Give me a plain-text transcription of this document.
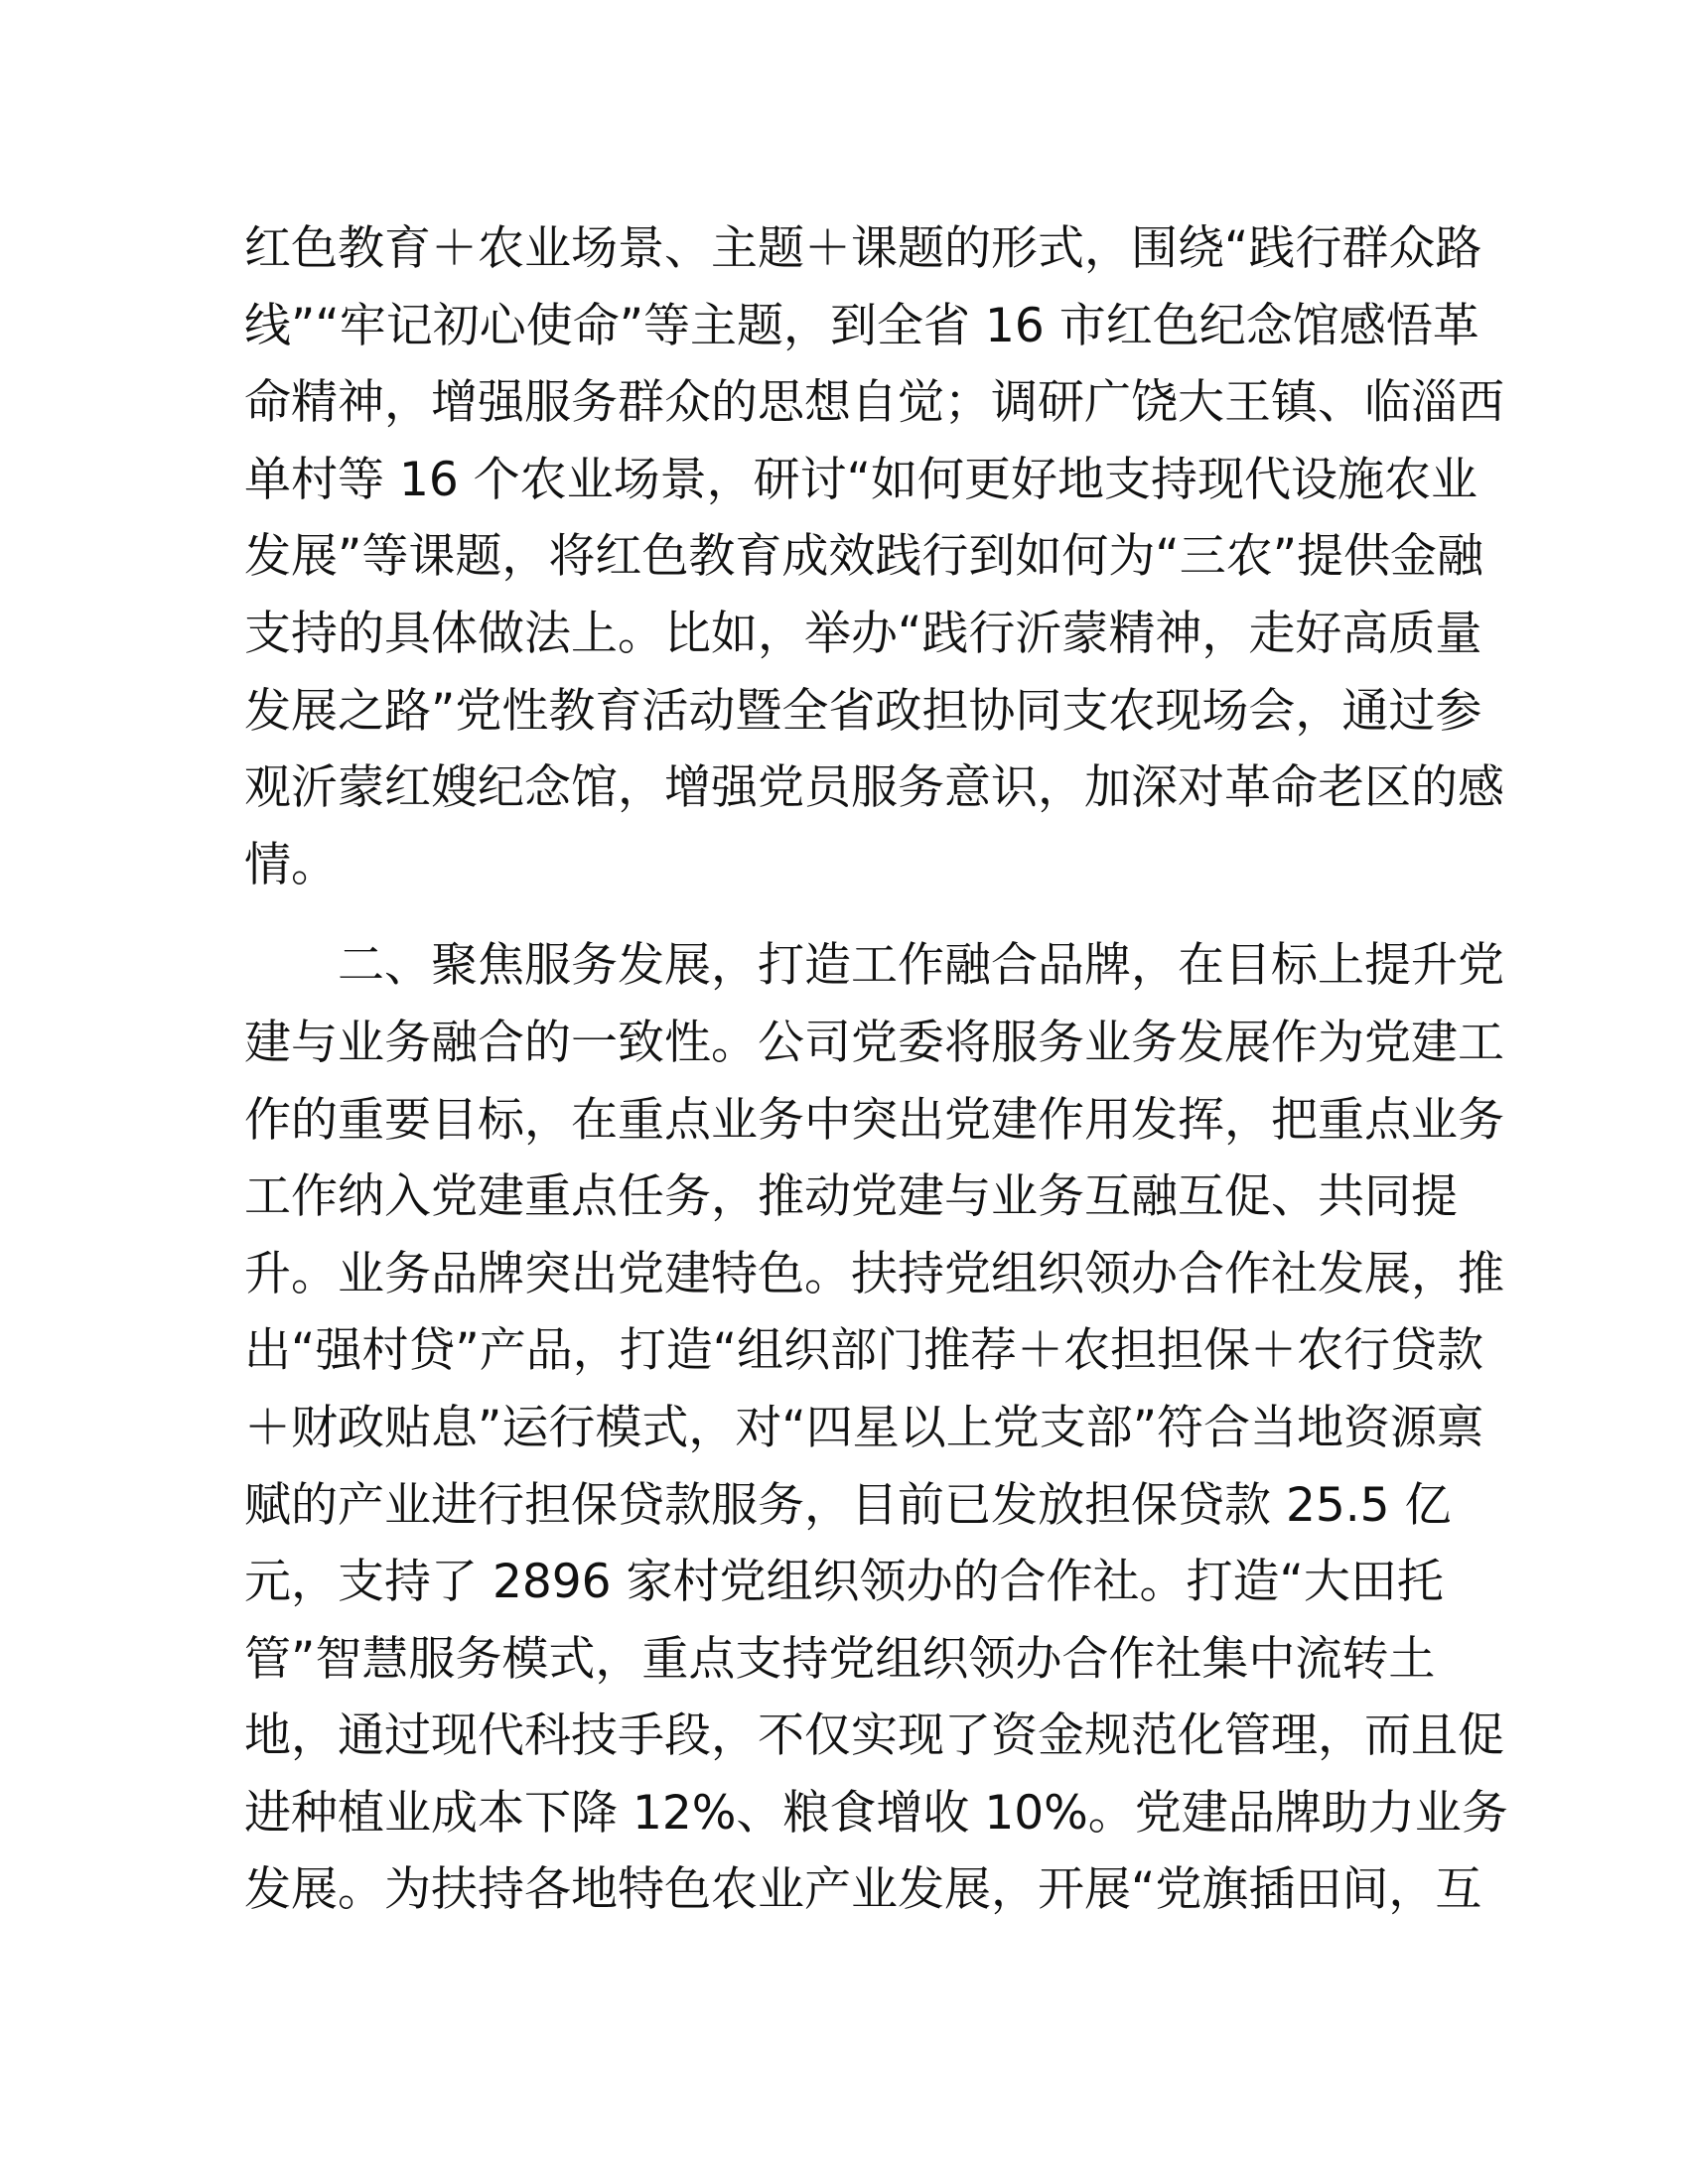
红色教育＋农业场景、主题＋课题的形式，围绕“践行群众路
线”“牢记初心使命”等主题，到全省 16 市红色纪念馆感悟革
命精神，增强服务群众的思想自觉；调研广饶大王镇、临淄西
单村等 16 个农业场景，研讨“如何更好地支持现代设施农业
发展”等课题，将红色教育成效践行到如何为“三农”提供金融
支持的具体做法上。比如，举办“践行沂蒙精神，走好高质量
发展之路”党性教育活动暨全省政担协同支农现场会，通过参
观沂蒙红嫂纪念馆，增强党员服务意识，加深对革命老区的感
情。
　　二、聚焦服务发展，打造工作融合品牌，在目标上提升党
建与业务融合的一致性。公司党委将服务业务发展作为党建工
作的重要目标，在重点业务中突出党建作用发挥，把重点业务
工作纳入党建重点任务，推动党建与业务互融互促、共同提
升。业务品牌突出党建特色。扶持党组织领办合作社发展，推
出“强村贷”产品，打造“组织部门推荐＋农担担保＋农行贷款
＋财政贴息”运行模式，对“四星以上党支部”符合当地资源禀
赋的产业进行担保贷款服务，目前已发放担保贷款 25.5 亿
元，支持了 2896 家村党组织领办的合作社。打造“大田托
管”智慧服务模式，重点支持党组织领办合作社集中流转土
地，通过现代科技手段，不仅实现了资金规范化管理，而且促
进种植业成本下降 12%、粮食增收 10%。党建品牌助力业务
发展。为扶持各地特色农业产业发展，开展“党旗插田间，互
